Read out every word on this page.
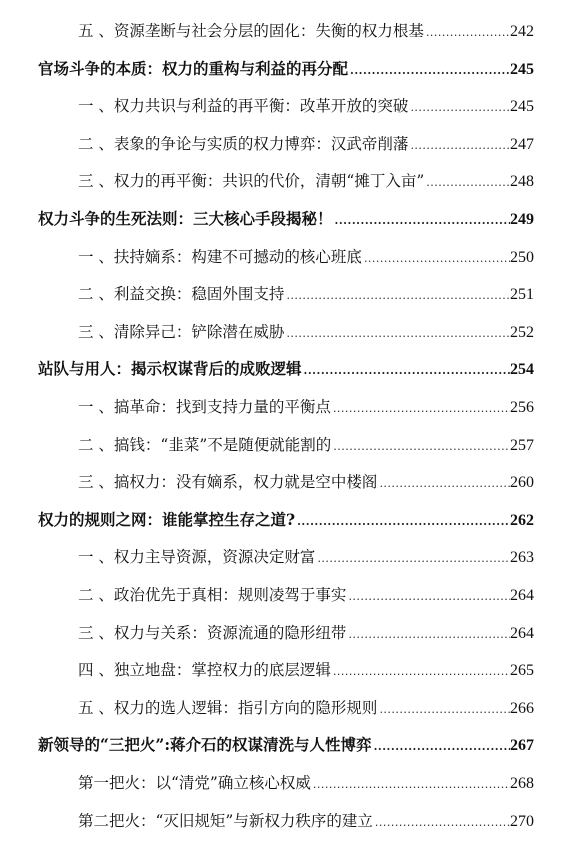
五 、资源垄断与社会分层的固化：失衡的权力根基 .....	242
官场斗争的本质：权力的重构与利益的再分配 .....	245
一 、权力共识与利益的再平衡：改革开放的突破 .....	245
二 、表象的争论与实质的权力博弈：汉武帝削藩 .....	247
三 、权力的再平衡：共识的代价，清朝“摊丁入亩” .....	248
权力斗争的生死法则：三大核心手段揭秘！ .....	249
一 、扶持嫡系：构建不可撼动的核心班底 .....	250
二 、利益交换：稳固外围支持 .....	251
三 、清除异己：铲除潜在威胁 .....	252
站队与用人：揭示权谋背后的成败逻辑 .....	254
一 、搞革命：找到支持力量的平衡点 .....	256
二 、搞钱：“韭菜”不是随便就能割的 .....	257
三 、搞权力：没有嫡系，权力就是空中楼阁 .....	260
权力的规则之网：谁能掌控生存之道? .....	262
一 、权力主导资源，资源决定财富 .....	263
二 、政治优先于真相：规则凌驾于事实 .....	264
三 、权力与关系：资源流通的隐形纽带 .....	264
四 、独立地盘：掌控权力的底层逻辑 .....	265
五 、权力的选人逻辑：指引方向的隐形规则 .....	266
新领导的“三把火”:蒋介石的权谋清洗与人性博弈 .....	267
第一把火：以“清党”确立核心权威 .....	268
第二把火：“灭旧规矩”与新权力秩序的建立 .....	270
